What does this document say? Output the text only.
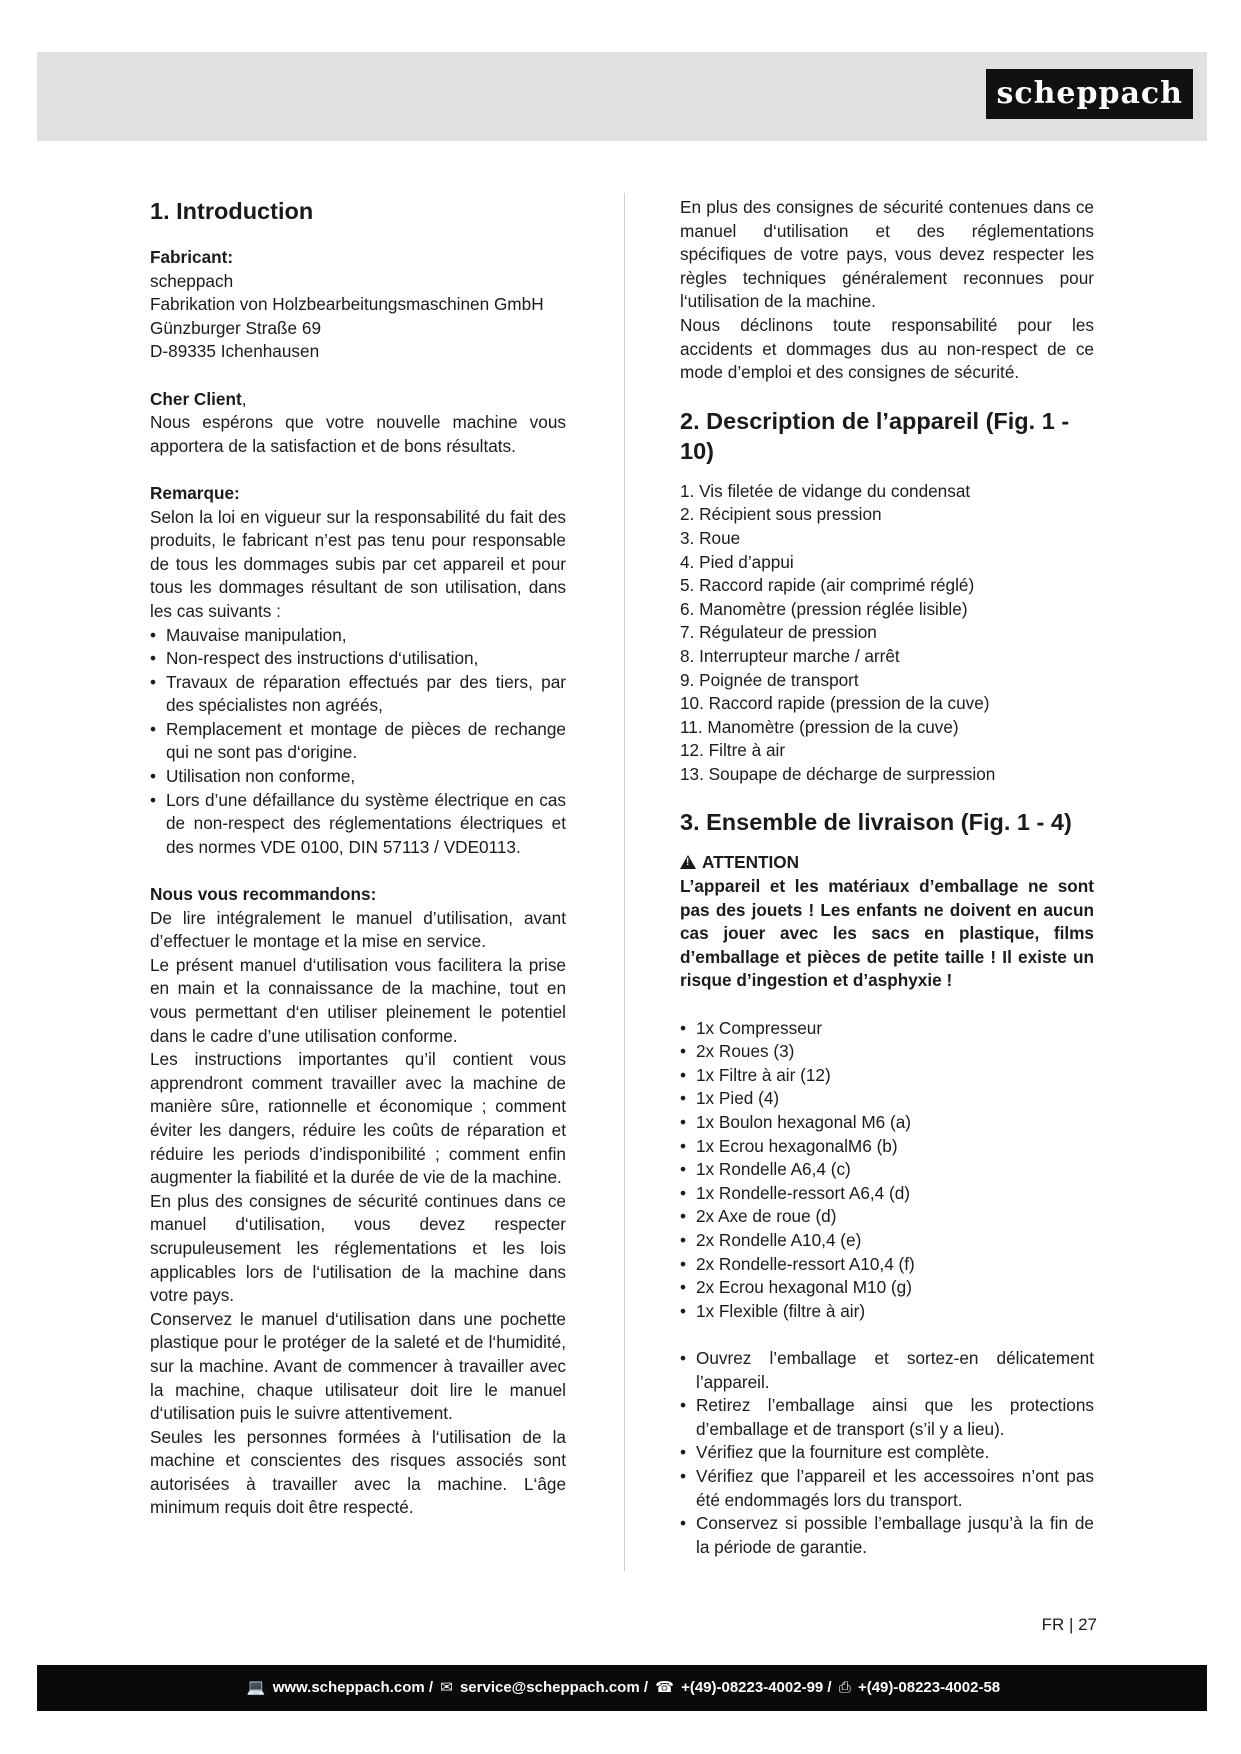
scheppach
1. Introduction

Fabricant:

scheppach

Fabrikation von Holzbearbeitungsmaschinen GmbH

Günzburger Straße 69

D-89335 Ichenhausen

Cher Client,

Nous espérons que votre nouvelle machine vous apportera de la satisfaction et de bons résultats.

Remarque:

Selon la loi en vigueur sur la responsabilité du fait des produits, le fabricant n’est pas tenu pour responsable de tous les dommages subis par cet appareil et pour tous les dommages résultant de son utilisation, dans les cas suivants :

• Mauvaise manipulation,
• Non-respect des instructions d‘utilisation,
• Travaux de réparation effectués par des tiers, par des spécialistes non agréés,
• Remplacement et montage de pièces de rechange qui ne sont pas d‘origine.
• Utilisation non conforme,
• Lors d’une défaillance du système électrique en cas de non-respect des réglementations électriques et des normes VDE 0100, DIN 57113 / VDE0113.

Nous vous recommandons:

De lire intégralement le manuel d’utilisation, avant d’effectuer le montage et la mise en service.

Le présent manuel d‘utilisation vous facilitera la prise en main et la connaissance de la machine, tout en vous permettant d‘en utiliser pleinement le potentiel dans le cadre d’une utilisation conforme.

Les instructions importantes qu’il contient vous apprendront comment travailler avec la machine de manière sûre, rationnelle et économique ; comment éviter les dangers, réduire les coûts de réparation et réduire les periods d’indisponibilité ; comment enfin augmenter la fiabilité et la durée de vie de la machine.

En plus des consignes de sécurité continues dans ce manuel d‘utilisation, vous devez respecter scrupuleusement les réglementations et les lois applicables lors de l‘utilisation de la machine dans votre pays.

Conservez le manuel d‘utilisation dans une pochette plastique pour le protéger de la saleté et de l‘humidité, sur la machine. Avant de commencer à travailler avec la machine, chaque utilisateur doit lire le manuel d‘utilisation puis le suivre attentivement.

Seules les personnes formées à l‘utilisation de la machine et conscientes des risques associés sont autorisées à travailler avec la machine. L‘âge minimum requis doit être respecté.

En plus des consignes de sécurité contenues dans ce manuel d‘utilisation et des réglementations spécifiques de votre pays, vous devez respecter les règles techniques généralement reconnues pour l‘utilisation de la machine.

Nous déclinons toute responsabilité pour les accidents et dommages dus au non-respect de ce mode d’emploi et des consignes de sécurité.

2. Description de l’appareil (Fig. 1 - 10)
1. Vis filetée de vidange du condensat
2. Récipient sous pression
3. Roue
4. Pied d’appui
5. Raccord rapide (air comprimé réglé)
6. Manomètre (pression réglée lisible)
7. Régulateur de pression
8. Interrupteur marche / arrêt
9. Poignée de transport
10. Raccord rapide (pression de la cuve)
11. Manomètre (pression de la cuve)
12. Filtre à air
13. Soupape de décharge de surpression
3. Ensemble de livraison (Fig. 1 - 4)

!ATTENTION

L’appareil et les matériaux d’emballage ne sont pas des jouets ! Les enfants ne doivent en aucun cas jouer avec les sacs en plastique, films d’emballage et pièces de petite taille ! Il existe un risque d’ingestion et d’asphyxie !

• 1x Compresseur
• 2x Roues (3)
• 1x Filtre à air (12)
• 1x Pied (4)
• 1x Boulon hexagonal M6 (a)
• 1x Ecrou hexagonalM6 (b)
• 1x Rondelle A6,4 (c)
• 1x Rondelle-ressort A6,4 (d)
• 2x Axe de roue (d)
• 2x Rondelle A10,4 (e)
• 2x Rondelle-ressort A10,4 (f)
• 2x Ecrou hexagonal M10 (g)
• 1x Flexible (filtre à air)
• Ouvrez l’emballage et sortez-en délicatement l’appareil.
• Retirez l’emballage ainsi que les protections d’emballage et de transport (s’il y a lieu).
• Vérifiez que la fourniture est complète.
• Vérifiez que l’appareil et les accessoires n’ont pas été endommagés lors du transport.
• Conservez si possible l’emballage jusqu’à la fin de la période de garantie.
FR | 27
💻 www.scheppach.com / ✉ service@scheppach.com / ☎ +(49)-08223-4002-99 / ⎙ +(49)-08223-4002-58
